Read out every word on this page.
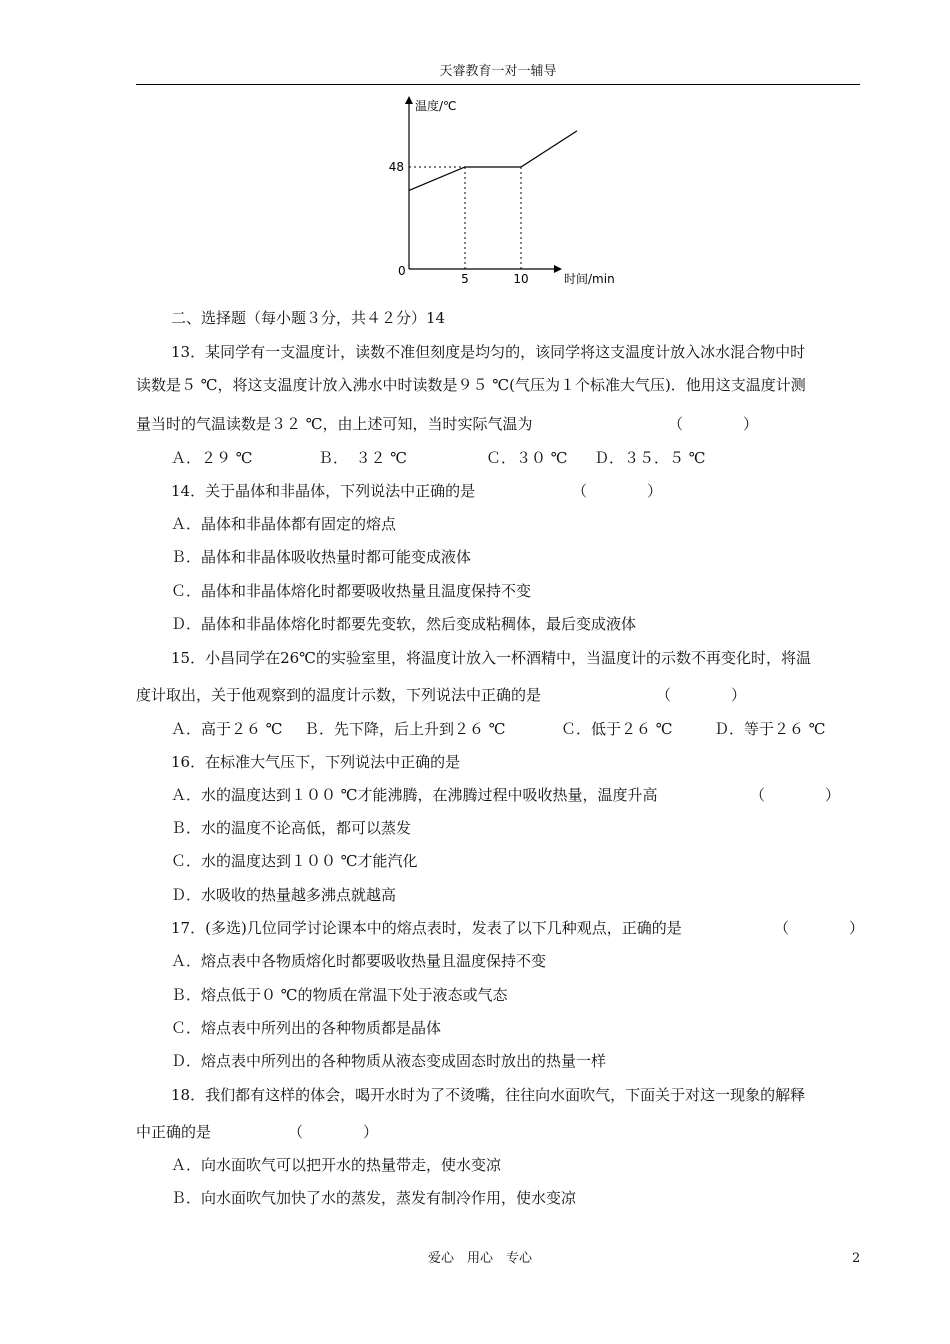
天睿教育一对一辅导
温度/℃
时间/min
0
48
5	10

二、选择题（每小题３分，共４２分）14

13．某同学有一支温度计，读数不准但刻度是均匀的，该同学将这支温度计放入冰水混合物中时

读数是５ ℃，将这支温度计放入沸水中时读数是９５ ℃(气压为１个标准大气压)．他用这支温度计测

量当时的气温读数是３２ ℃，由上述可知，当时实际气温为

	（　　　　）

Ａ．２９ ℃

	Ｂ．　３２ ℃

	Ｃ．３０ ℃

Ｄ．３５．５ ℃

14．关于晶体和非晶体，下列说法中正确的是

	（　　　　）

Ａ．晶体和非晶体都有固定的熔点

Ｂ．晶体和非晶体吸收热量时都可能变成液体

Ｃ．晶体和非晶体熔化时都要吸收热量且温度保持不变

Ｄ．晶体和非晶体熔化时都要先变软，然后变成粘稠体，最后变成液体

15．小昌同学在26℃的实验室里，将温度计放入一杯酒精中，当温度计的示数不再变化时，将温

度计取出，关于他观察到的温度计示数，下列说法中正确的是

	（　　　　）

Ａ．高于２６ ℃

Ｂ．先下降，后上升到２６ ℃

	Ｃ．低于２６ ℃

	Ｄ．等于２６ ℃

16．在标准大气压下，下列说法中正确的是

Ａ．水的温度达到１００ ℃才能沸腾，在沸腾过程中吸收热量，温度升高

	（　　　　）

Ｂ．水的温度不论高低，都可以蒸发

Ｃ．水的温度达到１００ ℃才能汽化

Ｄ．水吸收的热量越多沸点就越高

17．(多选)几位同学讨论课本中的熔点表时，发表了以下几种观点，正确的是

	（　　　　）

Ａ．熔点表中各物质熔化时都要吸收热量且温度保持不变

Ｂ．熔点低于０ ℃的物质在常温下处于液态或气态

Ｃ．熔点表中所列出的各种物质都是晶体

Ｄ．熔点表中所列出的各种物质从液态变成固态时放出的热量一样

18．我们都有这样的体会，喝开水时为了不烫嘴，往往向水面吹气，下面关于对这一现象的解释

中正确的是

	（　　　　）

Ａ．向水面吹气可以把开水的热量带走，使水变凉

Ｂ．向水面吹气加快了水的蒸发，蒸发有制冷作用，使水变凉

爱心　用心　专心	2
